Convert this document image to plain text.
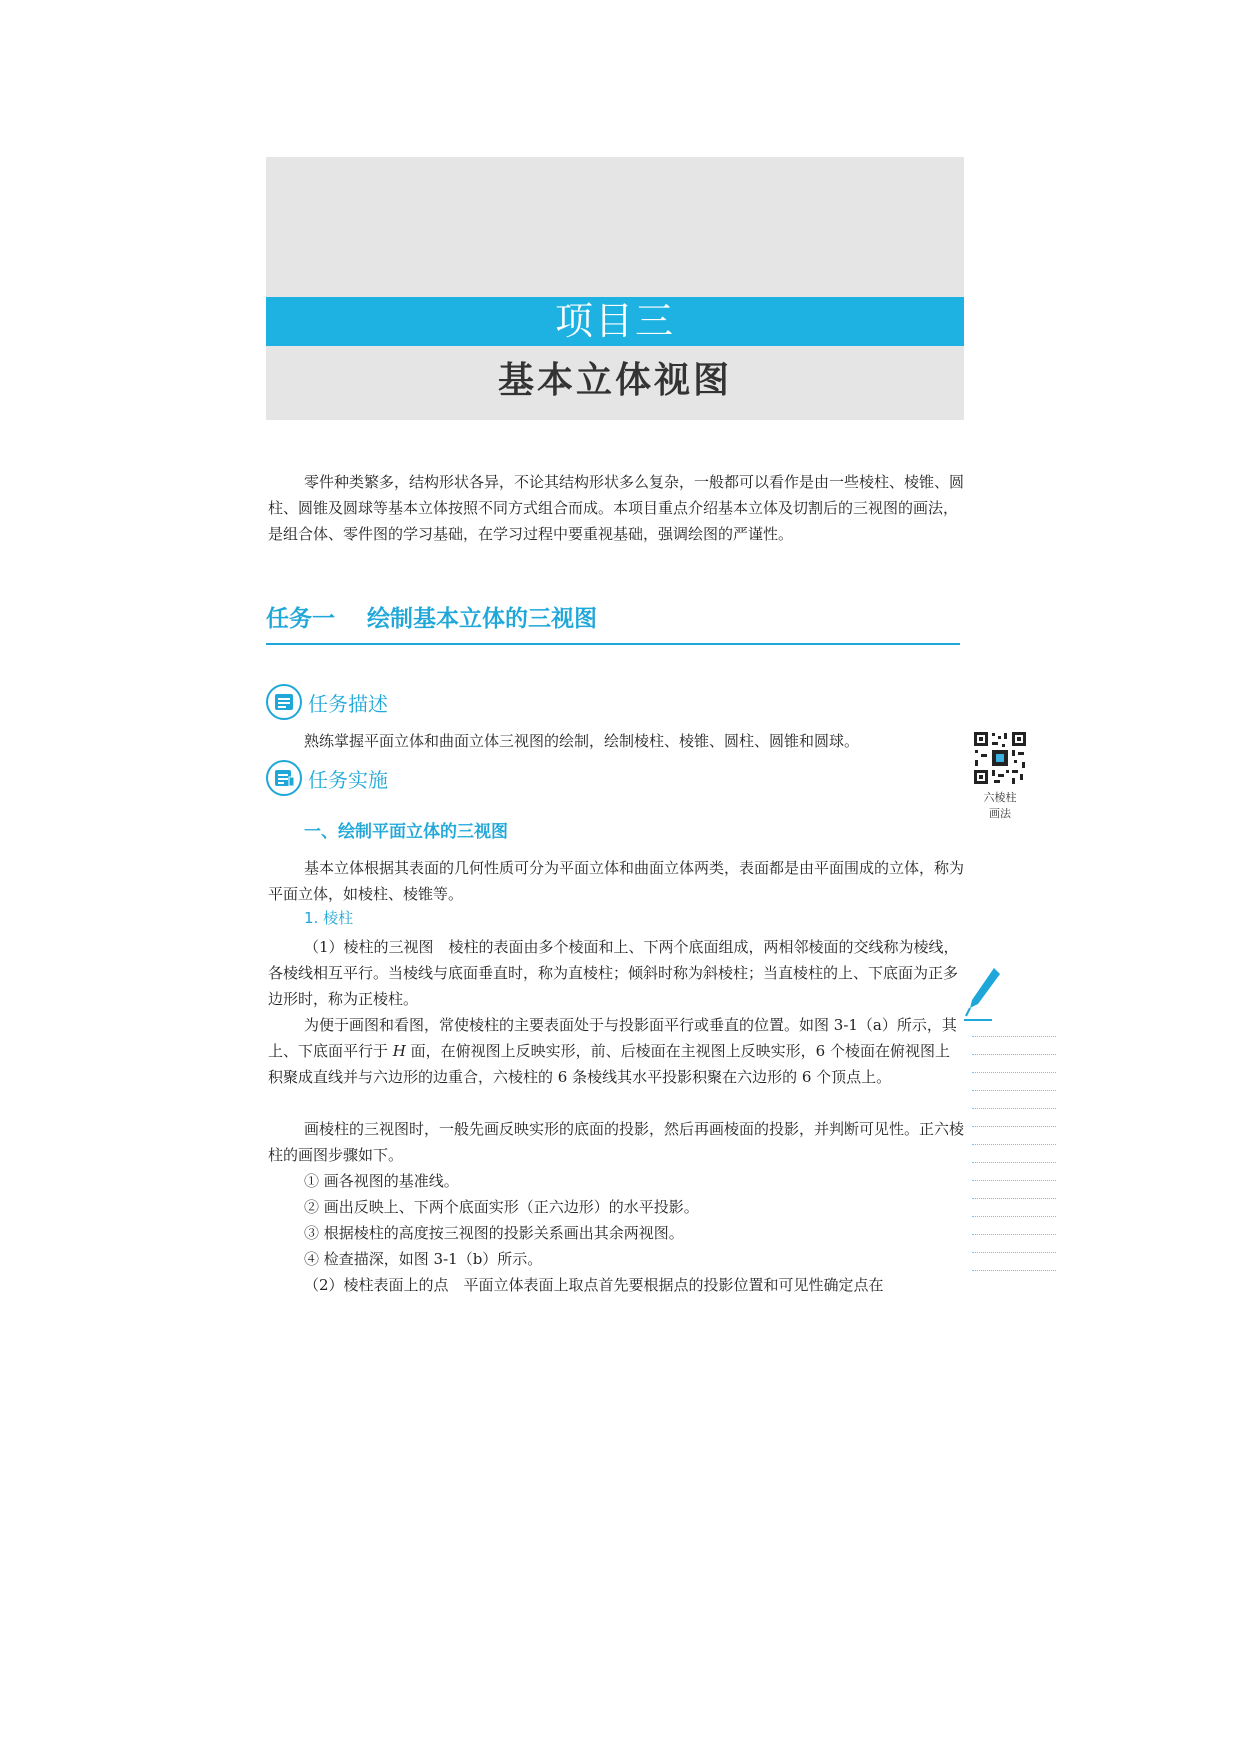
项目三
基本立体视图

零件种类繁多，结构形状各异，不论其结构形状多么复杂，一般都可以看作是由一些棱柱、棱锥、圆柱、圆锥及圆球等基本立体按照不同方式组合而成。本项目重点介绍基本立体及切割后的三视图的画法，是组合体、零件图的学习基础，在学习过程中要重视基础，强调绘图的严谨性。

任务一 绘制基本立体的三视图
任务描述

熟练掌握平面立体和曲面立体三视图的绘制，绘制棱柱、棱锥、圆柱、圆锥和圆球。

任务实施
六棱柱
画法
一、绘制平面立体的三视图

基本立体根据其表面的几何性质可分为平面立体和曲面立体两类，表面都是由平面围成的立体，称为平面立体，如棱柱、棱锥等。

1. 棱柱

（1）棱柱的三视图　棱柱的表面由多个棱面和上、下两个底面组成，两相邻棱面的交线称为棱线，各棱线相互平行。当棱线与底面垂直时，称为直棱柱；倾斜时称为斜棱柱；当直棱柱的上、下底面为正多边形时，称为正棱柱。

为便于画图和看图，常使棱柱的主要表面处于与投影面平行或垂直的位置。如图 3-1（a）所示，其上、下底面平行于 H 面，在俯视图上反映实形，前、后棱面在主视图上反映实形，6 个棱面在俯视图上积聚成直线并与六边形的边重合，六棱柱的 6 条棱线其水平投影积聚在六边形的 6 个顶点上。

画棱柱的三视图时，一般先画反映实形的底面的投影，然后再画棱面的投影，并判断可见性。正六棱柱的画图步骤如下。

① 画各视图的基准线。

② 画出反映上、下两个底面实形（正六边形）的水平投影。

③ 根据棱柱的高度按三视图的投影关系画出其余两视图。

④ 检查描深，如图 3-1（b）所示。

（2）棱柱表面上的点　平面立体表面上取点首先要根据点的投影位置和可见性确定点在
